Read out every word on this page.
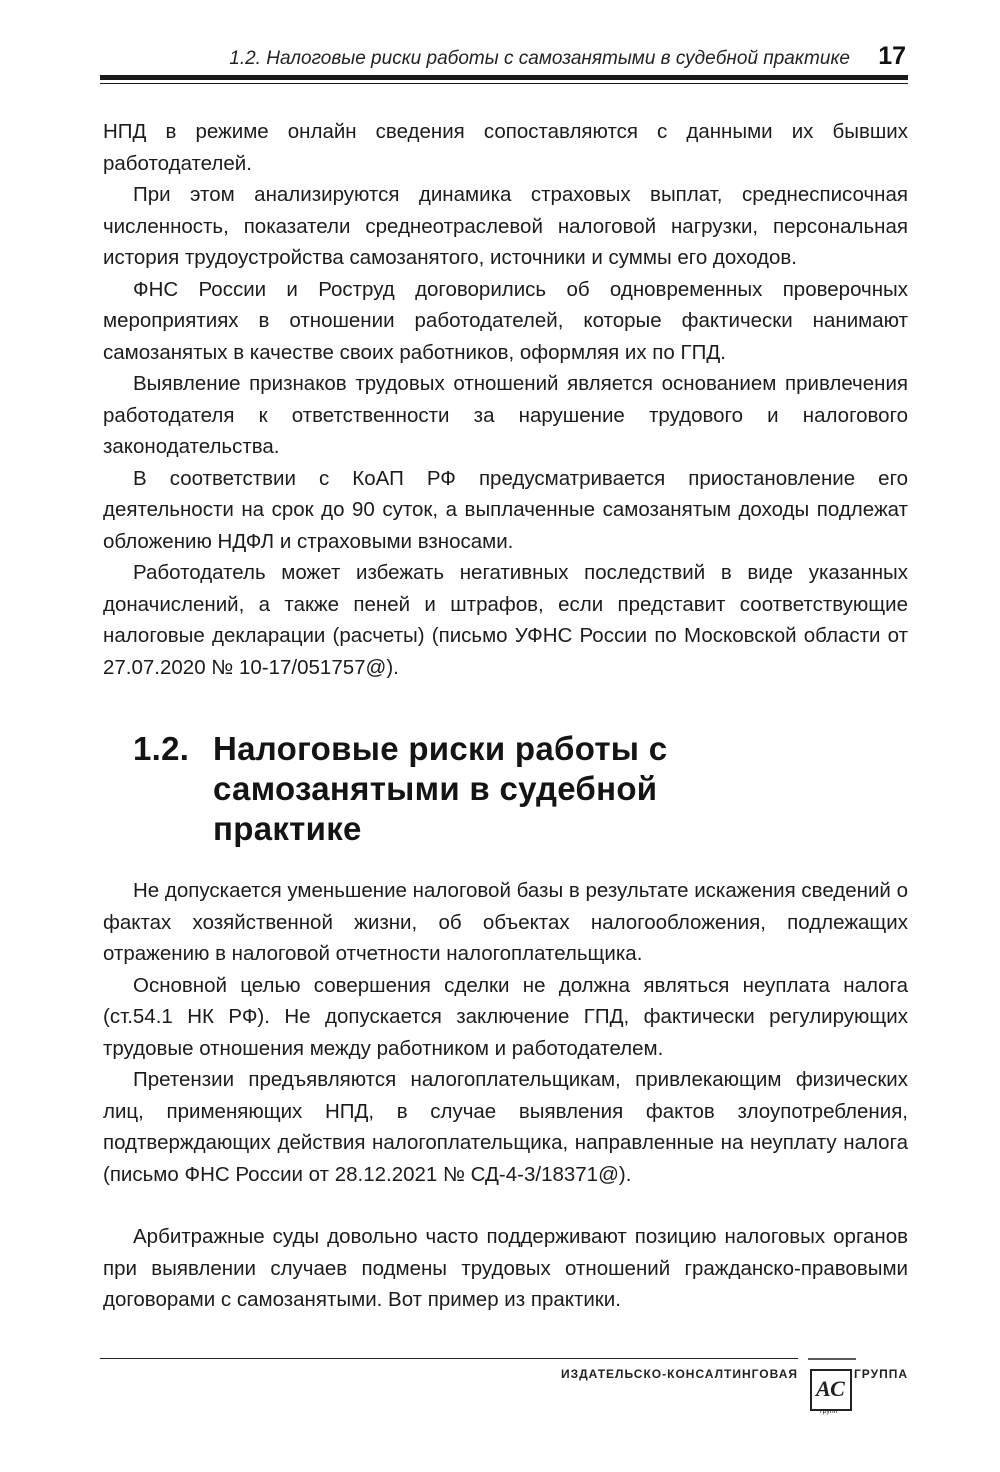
1.2. Налоговые риски работы с самозанятыми в судебной практике 17

НПД в режиме онлайн сведения сопоставляются с данными их бывших работодателей.

При этом анализируются динамика страховых выплат, среднесписочная численность, показатели среднеотраслевой налоговой нагрузки, персональная история трудоустройства самозанятого, источники и суммы его доходов.

ФНС России и Роструд договорились об одновременных проверочных мероприятиях в отношении работодателей, которые фактически нанимают самозанятых в качестве своих работников, оформляя их по ГПД.

Выявление признаков трудовых отношений является основанием привлечения работодателя к ответственности за нарушение трудового и налогового законодательства.

В соответствии с КоАП РФ предусматривается приостановление его деятельности на срок до 90 суток, а выплаченные самозанятым доходы подлежат обложению НДФЛ и страховыми взносами.

Работодатель может избежать негативных последствий в виде указанных доначислений, а также пеней и штрафов, если представит соответствующие налоговые декларации (расчеты) (письмо УФНС России по Московской области от 27.07.2020 № 10-17/051757@).

1.2. Налоговые риски работы с самозанятыми в судебной практике

Не допускается уменьшение налоговой базы в результате искажения сведений о фактах хозяйственной жизни, об объектах налогообложения, подлежащих отражению в налоговой отчетности налогоплательщика.

Основной целью совершения сделки не должна являться неуплата налога (ст.54.1 НК РФ). Не допускается заключение ГПД, фактически регулирующих трудовые отношения между работником и работодателем.

Претензии предъявляются налогоплательщикам, привлекающим физических лиц, применяющих НПД, в случае выявления фактов злоупотребления, подтверждающих действия налогоплательщика, направленные на неуплату налога (письмо ФНС России от 28.12.2021 № СД-4-3/18371@).

Арбитражные суды довольно часто поддерживают позицию налоговых органов при выявлении случаев подмены трудовых отношений гражданско-правовыми договорами с самозанятыми. Вот пример из практики.

ИЗДАТЕЛЬСКО-КОНСАЛТИНГОВАЯ	ГРУППА
АС
групп
